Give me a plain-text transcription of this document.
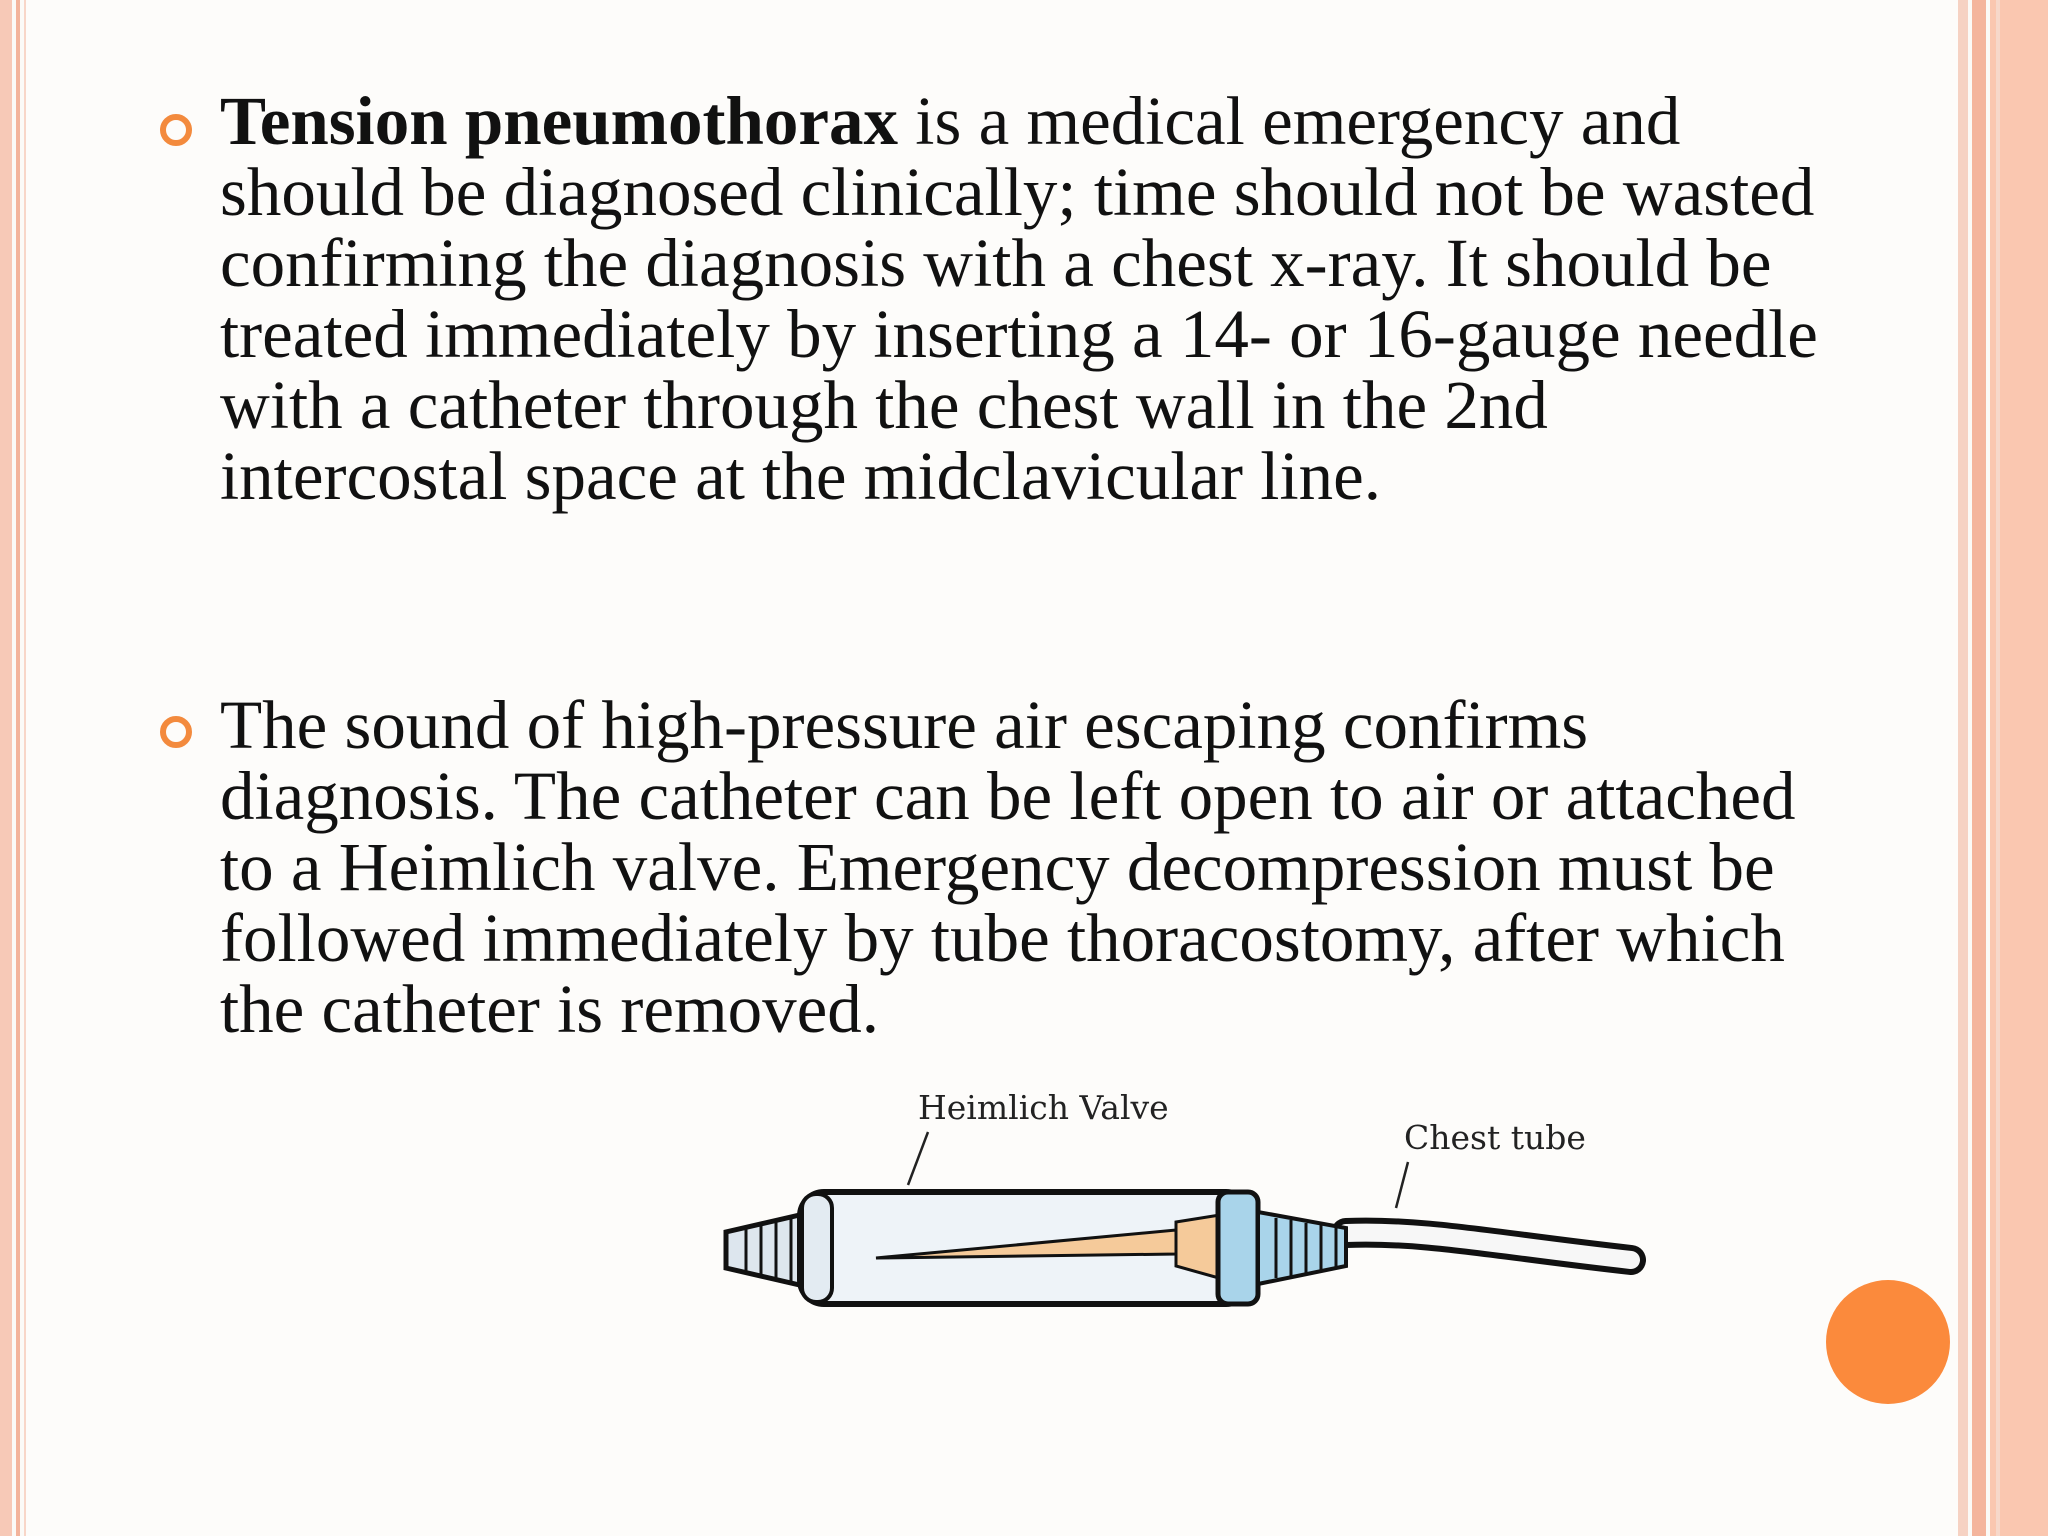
Tension pneumothorax is a medical emergency and should be diagnosed clinically; time should not be wasted confirming the diagnosis with a chest x-ray. It should be treated immediately by inserting a 14- or 16-gauge needle with a catheter through the chest wall in the 2nd intercostal space at the midclavicular line.
The sound of high-pressure air escaping confirms diagnosis. The catheter can be left open to air or attached to a Heimlich valve. Emergency decompression must be followed immediately by tube thoracostomy, after which the catheter is removed.
Heimlich Valve
Chest tube
